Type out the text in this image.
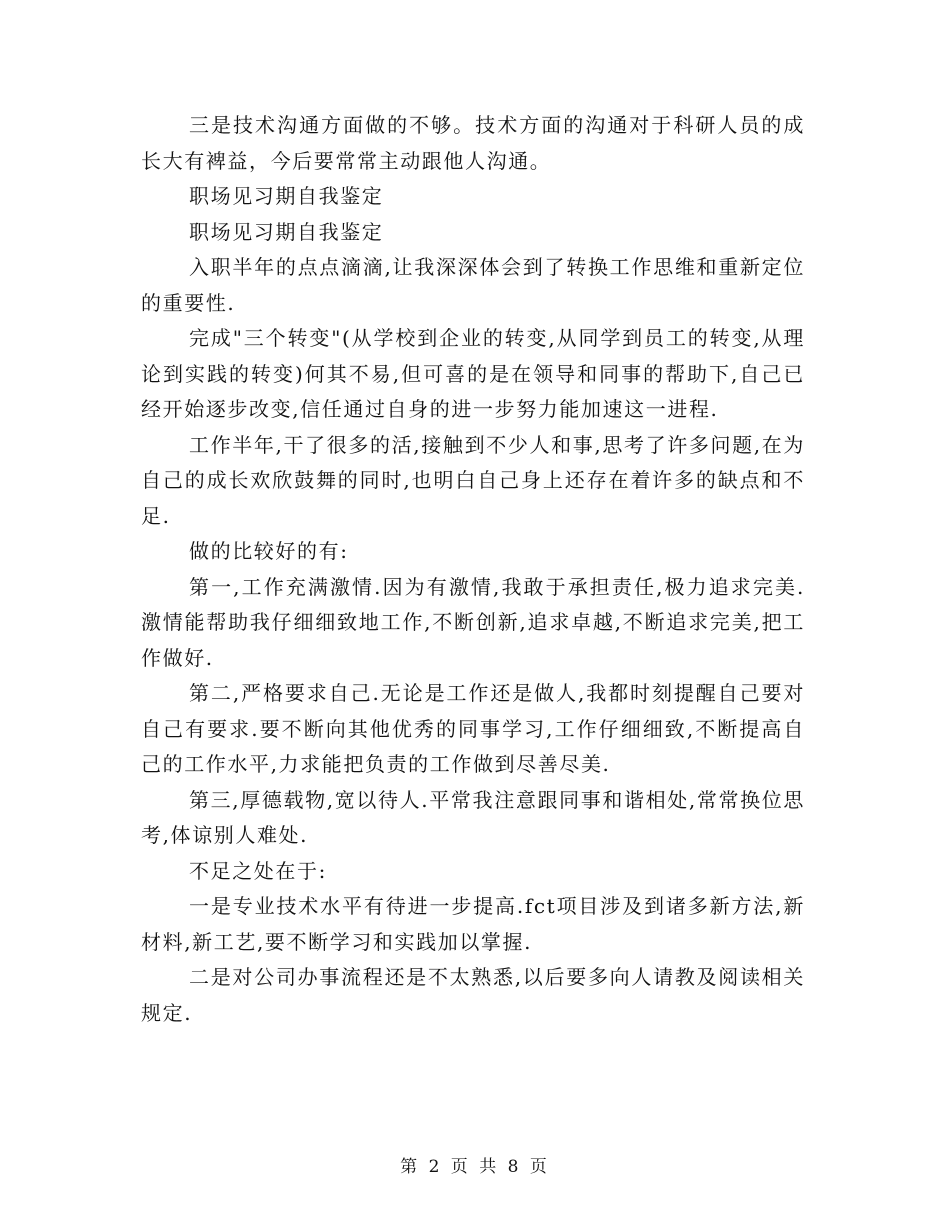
三是技术沟通方面做的不够。技术方面的沟通对于科研人员的成长大有裨益，今后要常常主动跟他人沟通。

职场见习期自我鉴定

职场见习期自我鉴定

入职半年的点点滴滴,让我深深体会到了转换工作思维和重新定位的重要性.

完成"三个转变"(从学校到企业的转变,从同学到员工的转变,从理论到实践的转变)何其不易,但可喜的是在领导和同事的帮助下,自己已经开始逐步改变,信任通过自身的进一步努力能加速这一进程.

工作半年,干了很多的活,接触到不少人和事,思考了许多问题,在为自己的成长欢欣鼓舞的同时,也明白自己身上还存在着许多的缺点和不足.

做的比较好的有:

第一,工作充满激情.因为有激情,我敢于承担责任,极力追求完美.激情能帮助我仔细细致地工作,不断创新,追求卓越,不断追求完美,把工作做好.

第二,严格要求自己.无论是工作还是做人,我都时刻提醒自己要对自己有要求.要不断向其他优秀的同事学习,工作仔细细致,不断提高自己的工作水平,力求能把负责的工作做到尽善尽美.

第三,厚德载物,宽以待人.平常我注意跟同事和谐相处,常常换位思考,体谅别人难处.

不足之处在于:

一是专业技术水平有待进一步提高.fct项目涉及到诸多新方法,新材料,新工艺,要不断学习和实践加以掌握.

二是对公司办事流程还是不太熟悉,以后要多向人请教及阅读相关规定.

第 2 页 共 8 页
